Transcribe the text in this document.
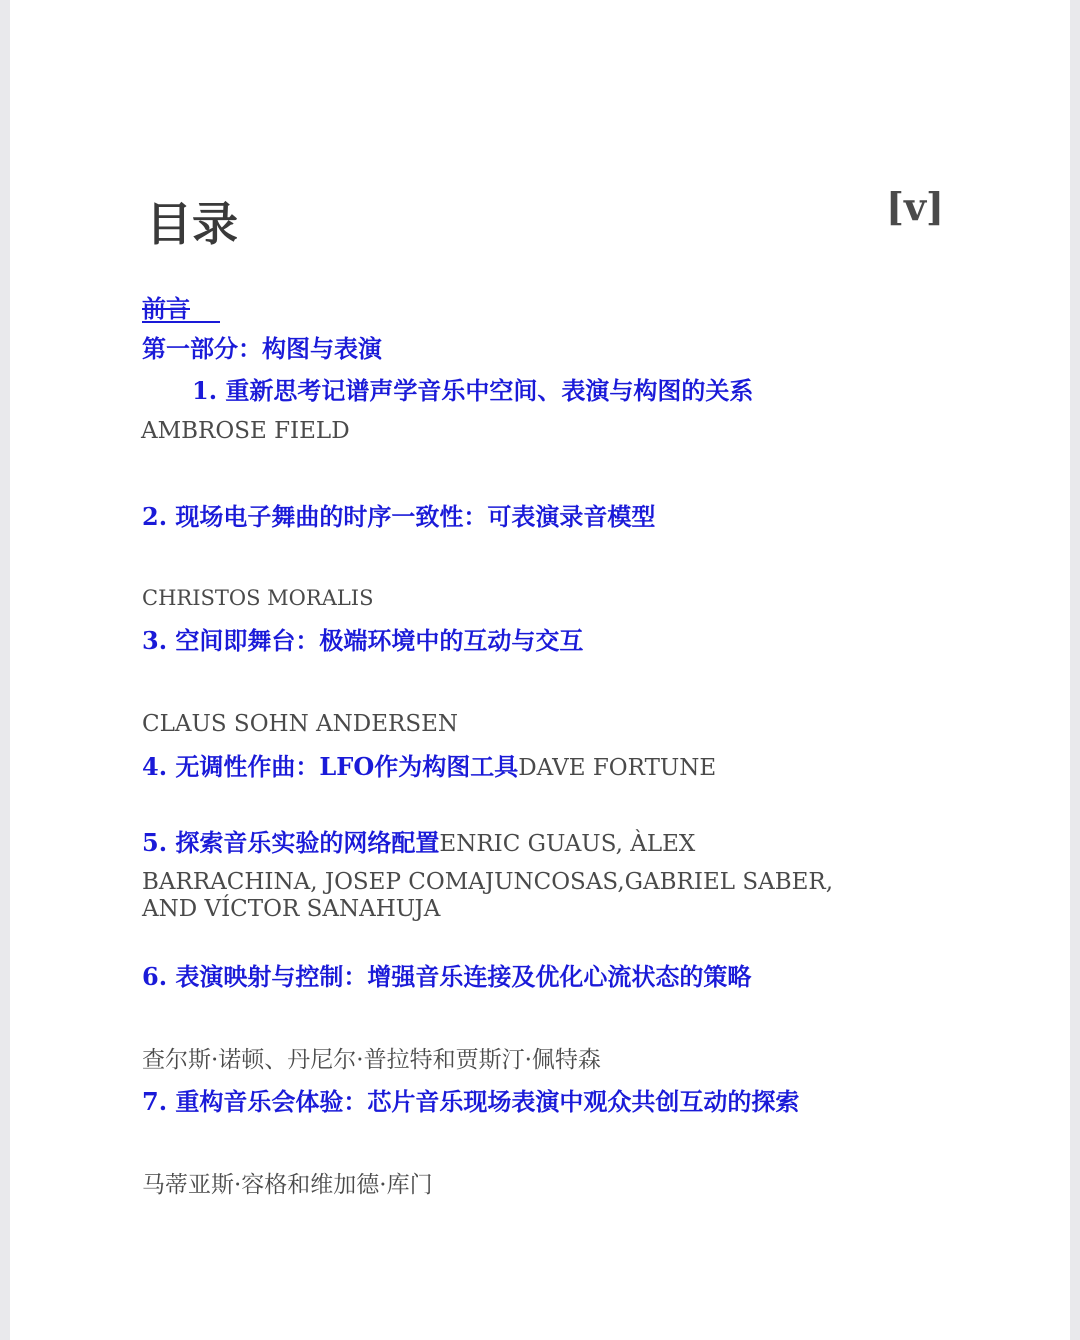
目录	[v]
前言
第一部分：构图与表演
1. 重新思考记谱声学音乐中空间、表演与构图的关系
AMBROSE FIELD
2. 现场电子舞曲的时序一致性：可表演录音模型
CHRISTOS MORALIS
3. 空间即舞台：极端环境中的互动与交互
CLAUS SOHN ANDERSEN
4. 无调性作曲：LFO作为构图工具DAVE FORTUNE
5. 探索音乐实验的网络配置ENRIC GUAUS, ÀLEX
BARRACHINA, JOSEP COMAJUNCOSAS,GABRIEL SABER,
AND VÍCTOR SANAHUJA
6. 表演映射与控制：增强音乐连接及优化心流状态的策略
查尔斯·诺顿、丹尼尔·普拉特和贾斯汀·佩特森
7. 重构音乐会体验：芯片音乐现场表演中观众共创互动的探索
马蒂亚斯·容格和维加德·库门
